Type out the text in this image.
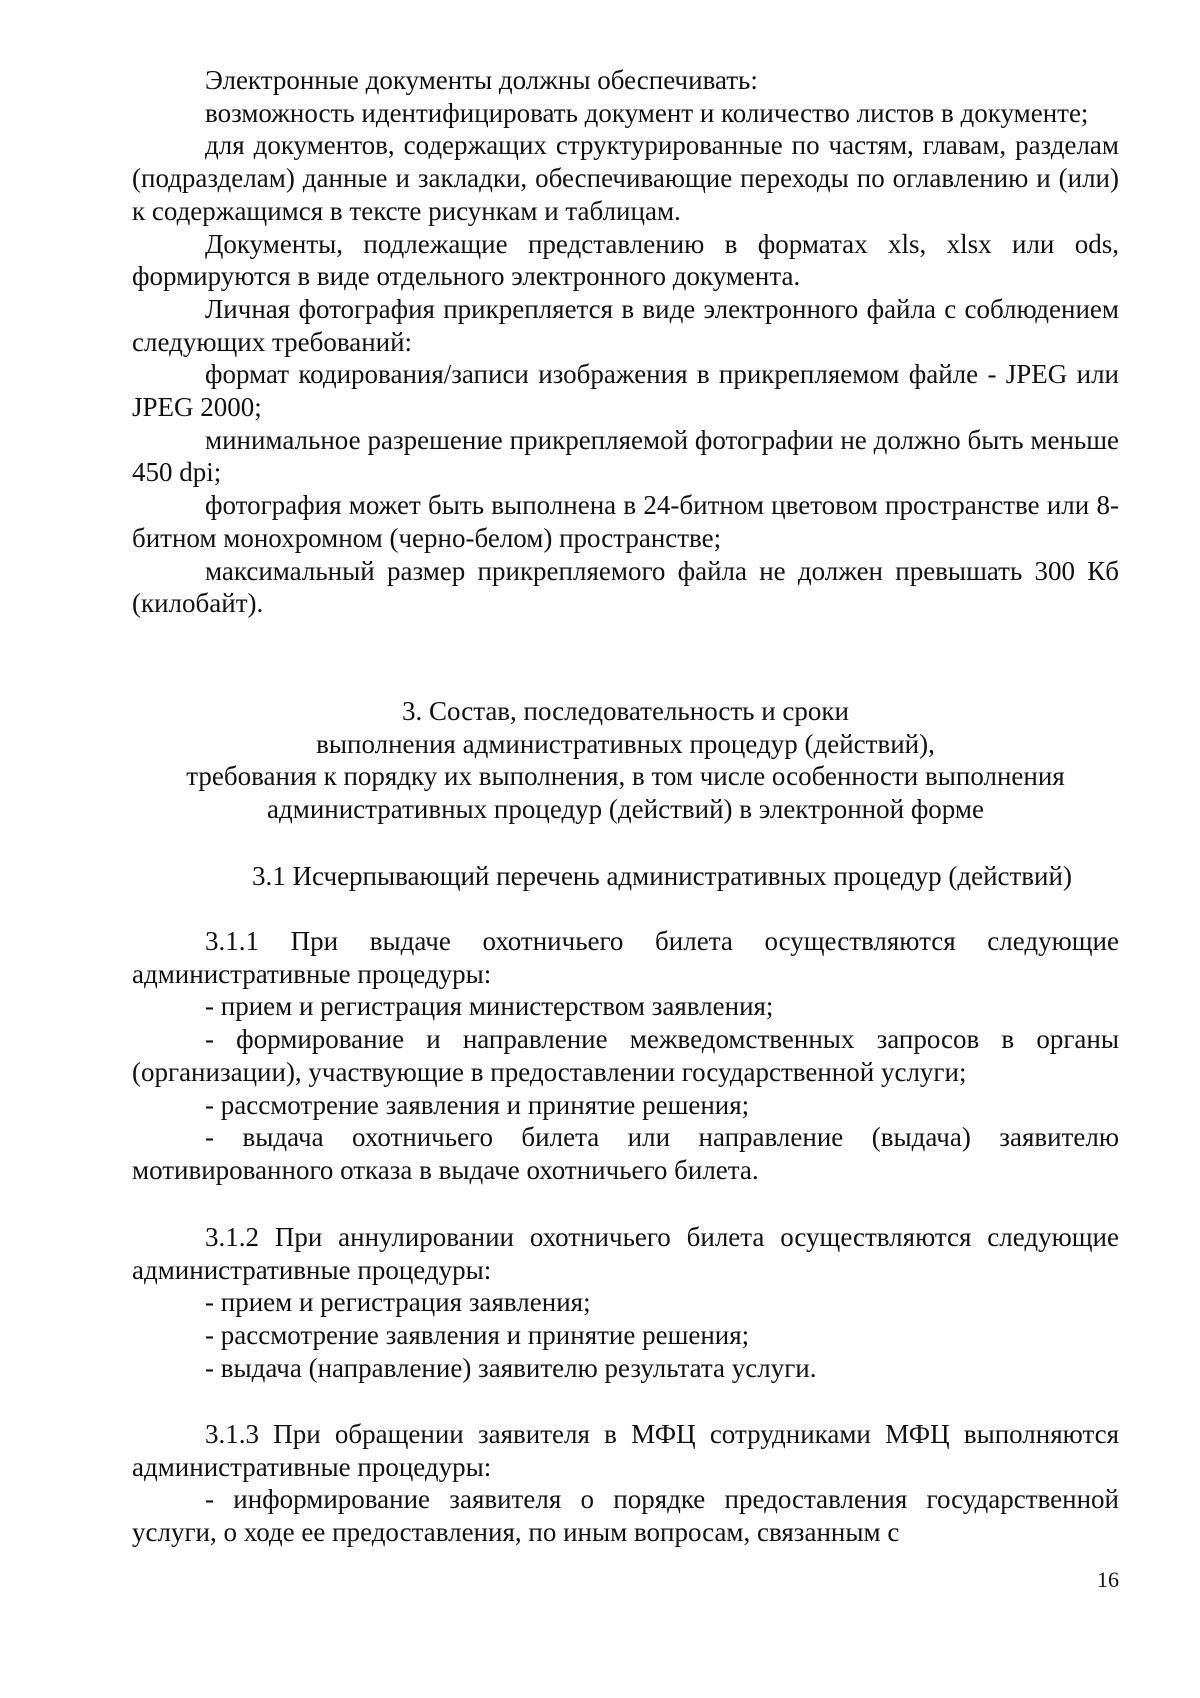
Электронные документы должны обеспечивать:

возможность идентифицировать документ и количество листов в документе;

для документов, содержащих структурированные по частям, главам, разделам (подразделам) данные и закладки, обеспечивающие переходы по оглавлению и (или) к содержащимся в тексте рисункам и таблицам.

Документы, подлежащие представлению в форматах xls, xlsx или ods, формируются в виде отдельного электронного документа.

Личная фотография прикрепляется в виде электронного файла с соблюдением следующих требований:

формат кодирования/записи изображения в прикрепляемом файле - JPEG или JPEG 2000;

минимальное разрешение прикрепляемой фотографии не должно быть меньше 450 dpi;

фотография может быть выполнена в 24-битном цветовом пространстве или 8-битном монохромном (черно-белом) пространстве;

максимальный размер прикрепляемого файла не должен превышать 300 Кб (килобайт).

3. Состав, последовательность и сроки
выполнения административных процедур (действий),
требования к порядку их выполнения, в том числе особенности выполнения
административных процедур (действий) в электронной форме
3.1 Исчерпывающий перечень административных процедур (действий)

3.1.1 При выдаче охотничьего билета осуществляются следующие административные процедуры:

- прием и регистрация министерством заявления;

- формирование и направление межведомственных запросов в органы (организации), участвующие в предоставлении государственной услуги;

- рассмотрение заявления и принятие решения;

- выдача охотничьего билета или направление (выдача) заявителю мотивированного отказа в выдаче охотничьего билета.

3.1.2 При аннулировании охотничьего билета осуществляются следующие административные процедуры:

- прием и регистрация заявления;

- рассмотрение заявления и принятие решения;

- выдача (направление) заявителю результата услуги.

3.1.3 При обращении заявителя в МФЦ сотрудниками МФЦ выполняются административные процедуры:

- информирование заявителя о порядке предоставления государственной услуги, о ходе ее предоставления, по иным вопросам, связанным с

16
